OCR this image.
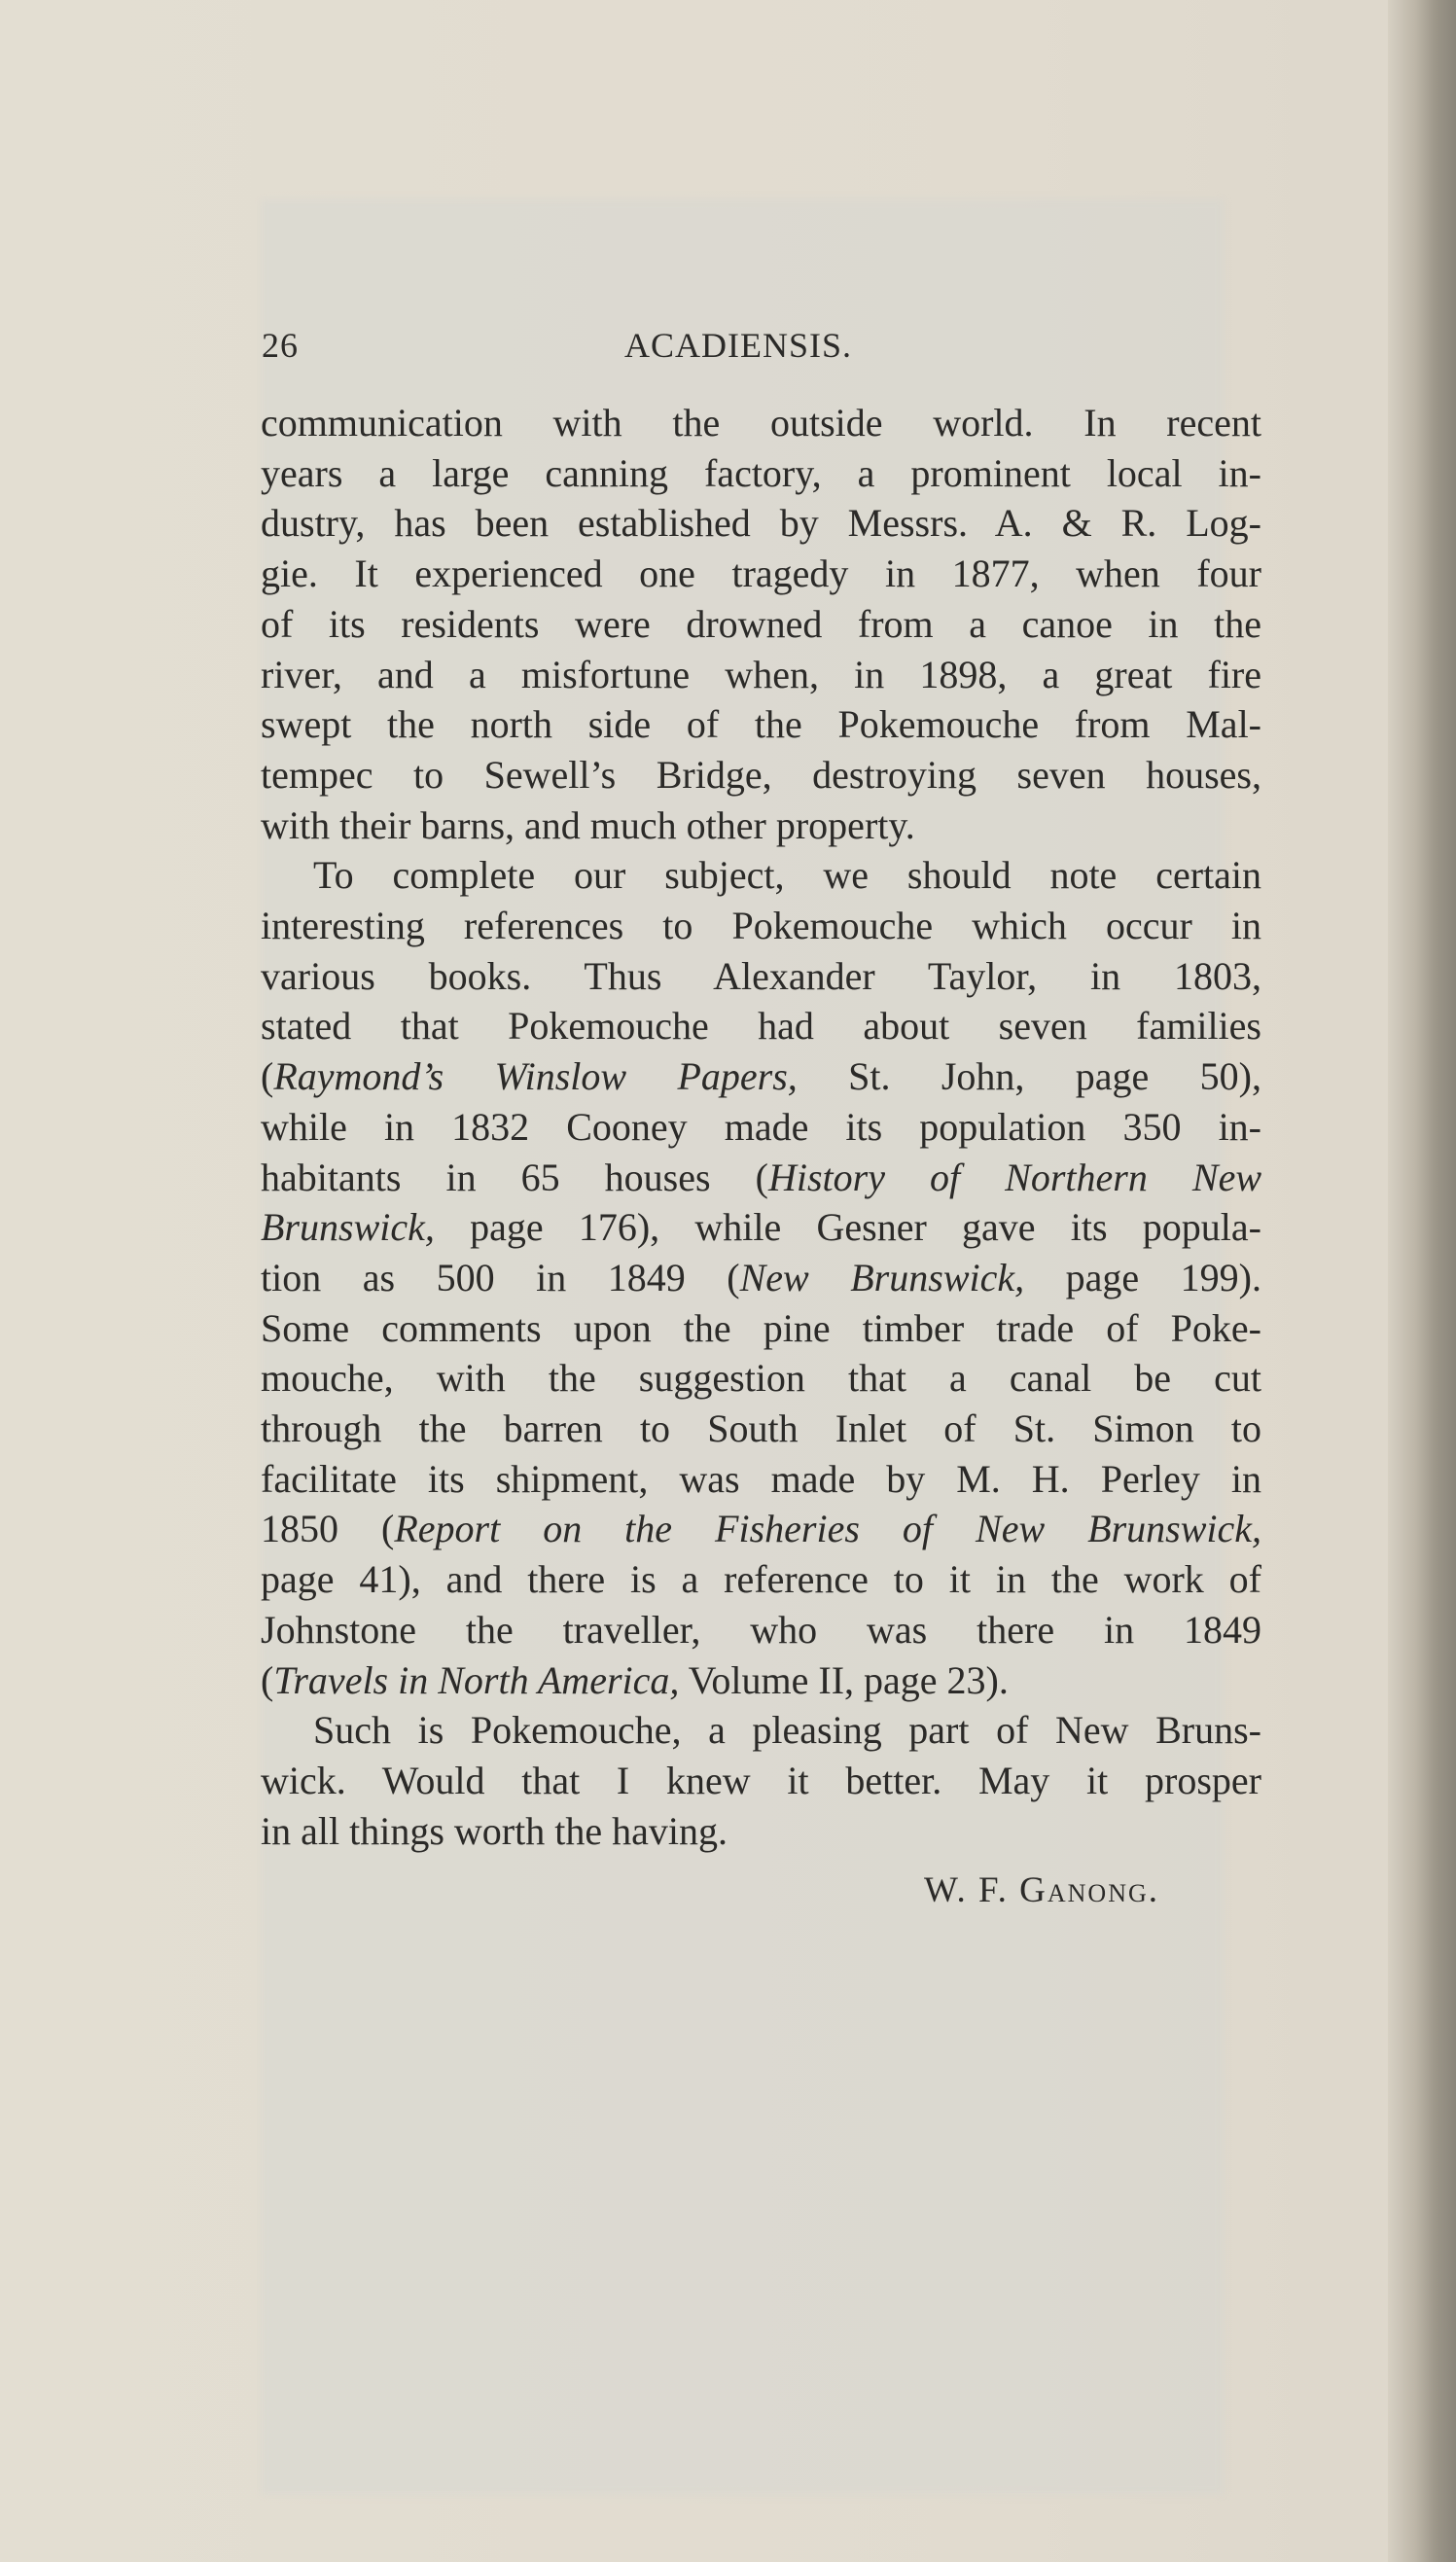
26	ACADIENSIS.
communication with the outside world. In recent
years a large canning factory, a prominent local in-
dustry, has been established by Messrs. A. & R. Log-
gie. It experienced one tragedy in 1877, when four
of its residents were drowned from a canoe in the
river, and a misfortune when, in 1898, a great fire
swept the north side of the Pokemouche from Mal-
tempec to Sewell’s Bridge, destroying seven houses,
with their barns, and much other property.
To complete our subject, we should note certain
interesting references to Pokemouche which occur in
various books. Thus Alexander Taylor, in 1803,
stated that Pokemouche had about seven families
(Raymond’s Winslow Papers, St. John, page 50),
while in 1832 Cooney made its population 350 in-
habitants in 65 houses (History of Northern New
Brunswick, page 176), while Gesner gave its popula-
tion as 500 in 1849 (New Brunswick, page 199).
Some comments upon the pine timber trade of Poke-
mouche, with the suggestion that a canal be cut
through the barren to South Inlet of St. Simon to
facilitate its shipment, was made by M. H. Perley in
1850 (Report on the Fisheries of New Brunswick,
page 41), and there is a reference to it in the work of
Johnstone the traveller, who was there in 1849
(Travels in North America, Volume II, page 23).
Such is Pokemouche, a pleasing part of New Bruns-
wick. Would that I knew it better. May it prosper
in all things worth the having.
W. F. Ganong.
